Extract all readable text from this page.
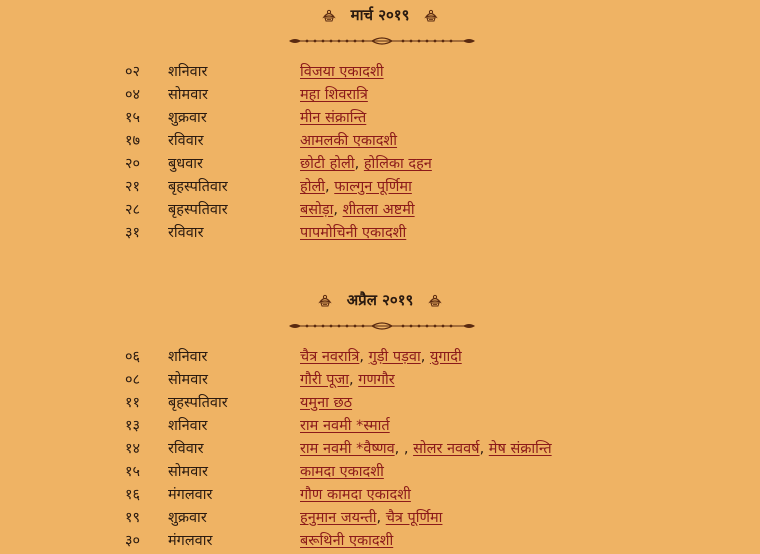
मार्च २०१९
०२	शनिवार	विजया एकादशी
०४	सोमवार	महा शिवरात्रि
१५	शुक्रवार	मीन संक्रान्ति
१७	रविवार	आमलकी एकादशी
२०	बुधवार	छोटी होली, होलिका दहन
२१	बृहस्पतिवार	होली, फाल्गुन पूर्णिमा
२८	बृहस्पतिवार	बसोड़ा, शीतला अष्टमी
३१	रविवार	पापमोचिनी एकादशी
अप्रैल २०१९
०६	शनिवार	चैत्र नवरात्रि, गुड़ी पड़वा, युगादी
०८	सोमवार	गौरी पूजा, गणगौर
११	बृहस्पतिवार	यमुना छठ
१३	शनिवार	राम नवमी *स्मार्त
१४	रविवार	राम नवमी *वैष्णव, , सोलर नववर्ष, मेष संक्रान्ति
१५	सोमवार	कामदा एकादशी
१६	मंगलवार	गौण कामदा एकादशी
१९	शुक्रवार	हनुमान जयन्ती, चैत्र पूर्णिमा
३०	मंगलवार	बरूथिनी एकादशी
